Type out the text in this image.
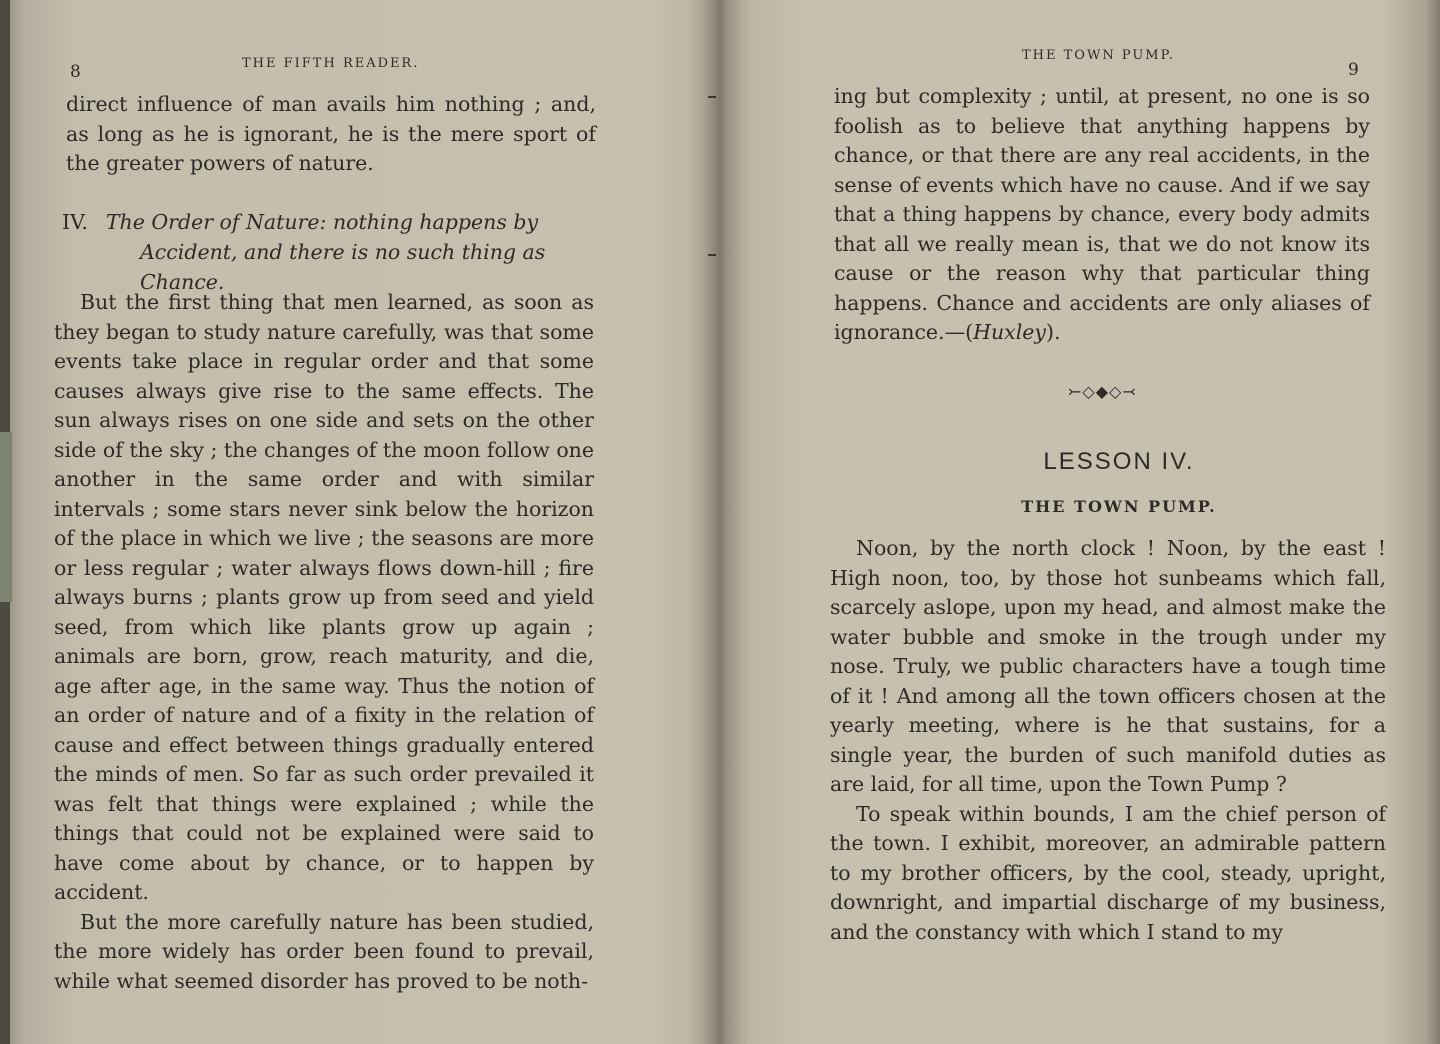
8	THE FIFTH READER.

direct influence of man avails him nothing ; and, as long as he is ignorant, he is the mere sport of the greater powers of nature.

IV. The Order of Nature: nothing happens by
Accident, and there is no such thing as
Chance.

But the first thing that men learned, as soon as they began to study nature carefully, was that some events take place in regular order and that some causes always give rise to the same effects. The sun always rises on one side and sets on the other side of the sky ; the changes of the moon follow one another in the same order and with similar intervals ; some stars never sink below the horizon of the place in which we live ; the seasons are more or less regular ; water always flows down-hill ; fire always burns ; plants grow up from seed and yield seed, from which like plants grow up again ; animals are born, grow, reach maturity, and die, age after age, in the same way. Thus the notion of an order of nature and of a fixity in the relation of cause and effect between things gradually entered the minds of men. So far as such order prevailed it was felt that things were explained ; while the things that could not be explained were said to have come about by chance, or to happen by accident.

But the more carefully nature has been studied, the more widely has order been found to prevail, while what seemed disorder has proved to be noth-

THE TOWN PUMP.
9

ing but complexity ; until, at present, no one is so foolish as to believe that anything happens by chance, or that there are any real accidents, in the sense of events which have no cause. And if we say that a thing happens by chance, every body admits that all we really mean is, that we do not know its cause or the reason why that particular thing happens. Chance and accidents are only aliases of ignorance.—(Huxley).

⤚◇◆◇⤙
LESSON IV.
THE TOWN PUMP.

Noon, by the north clock ! Noon, by the east ! High noon, too, by those hot sunbeams which fall, scarcely aslope, upon my head, and almost make the water bubble and smoke in the trough under my nose. Truly, we public characters have a tough time of it ! And among all the town officers chosen at the yearly meeting, where is he that sustains, for a single year, the burden of such manifold duties as are laid, for all time, upon the Town Pump ?

To speak within bounds, I am the chief person of the town. I exhibit, moreover, an admirable pattern to my brother officers, by the cool, steady, upright, downright, and impartial discharge of my business, and the constancy with which I stand to my
